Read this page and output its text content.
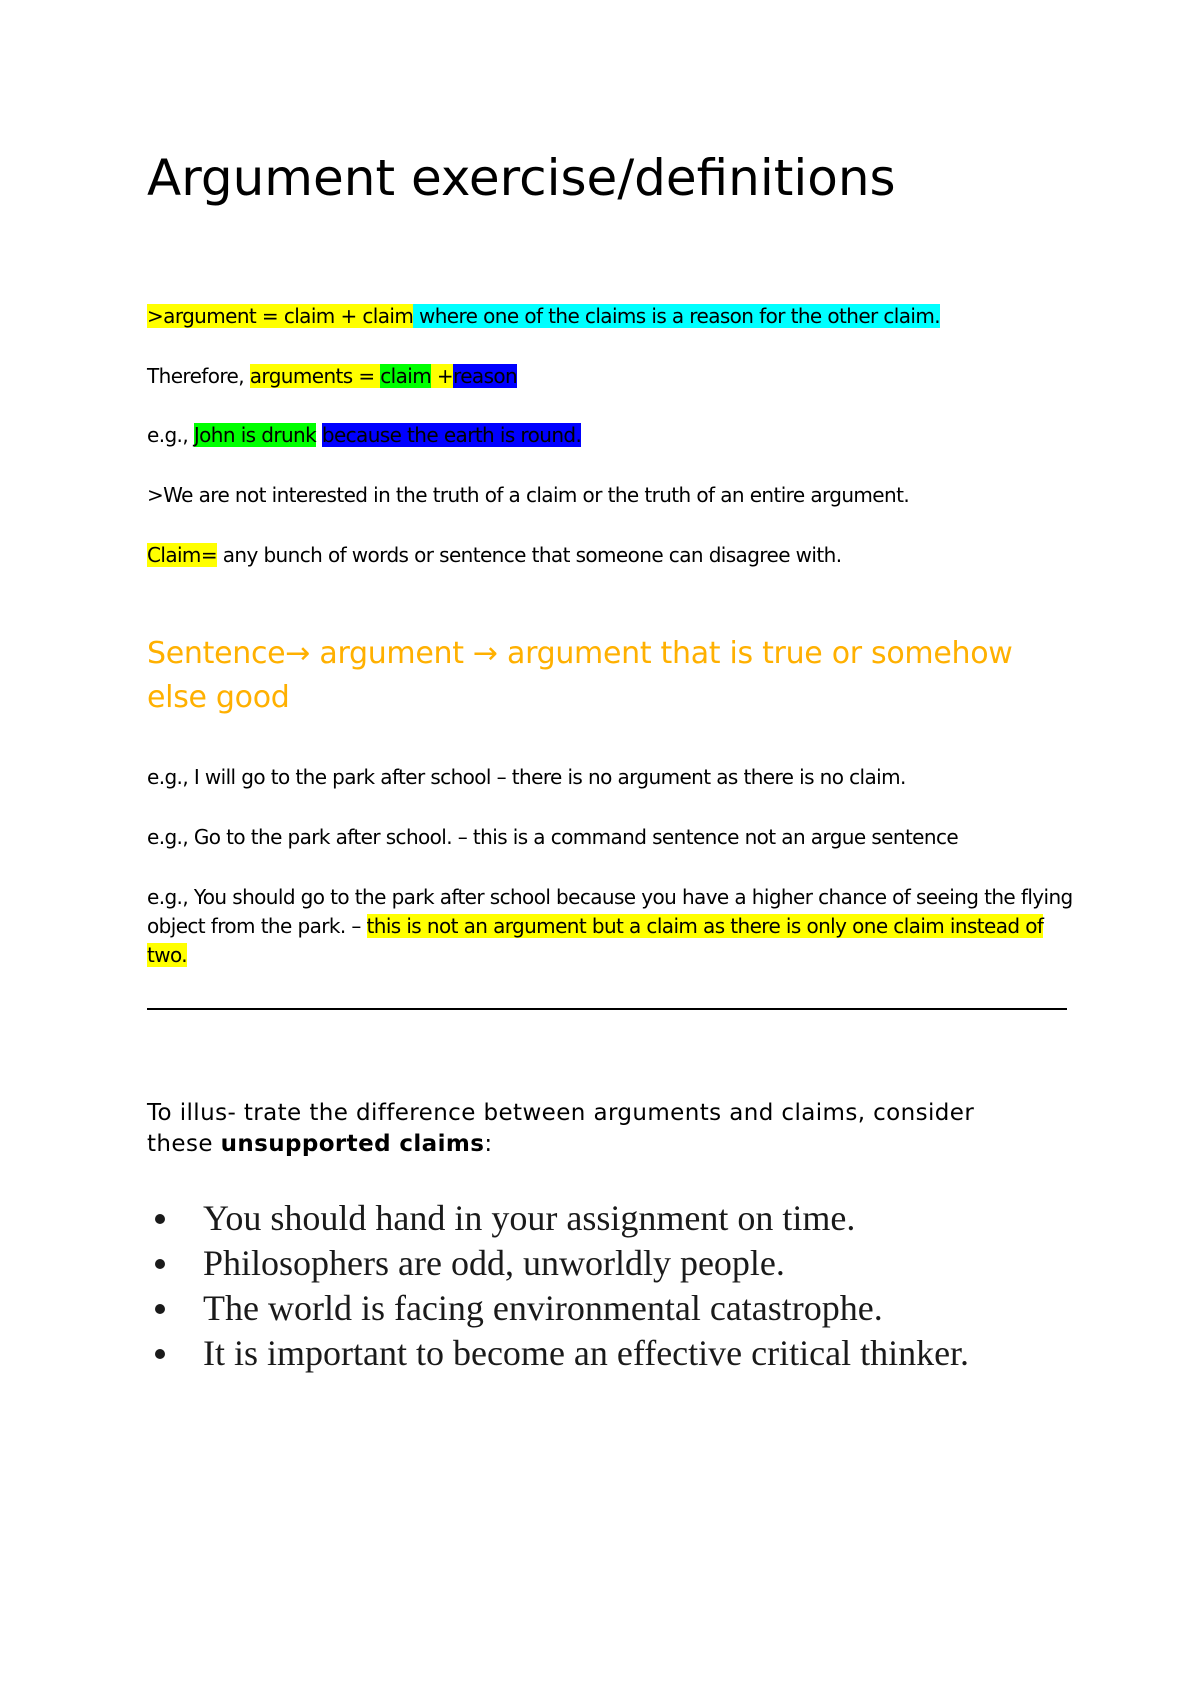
Argument exercise/definitions
>argument = claim + claim where one of the claims is a reason for the other claim.
Therefore, arguments = claim +reason
e.g., John is drunk because the earth is round.
>We are not interested in the truth of a claim or the truth of an entire argument.
Claim= any bunch of words or sentence that someone can disagree with.
Sentence→ argument → argument that is true or somehow else good
e.g., I will go to the park after school – there is no argument as there is no claim.
e.g., Go to the park after school. – this is a command sentence not an argue sentence
e.g., You should go to the park after school because you have a higher chance of seeing the flying object from the park. – this is not an argument but a claim as there is only one claim instead of two.
To illus- trate the difference between arguments and claims, consider these unsupported claims:
You should hand in your assignment on time.
Philosophers are odd, unworldly people.
The world is facing environmental catastrophe.
It is important to become an effective critical thinker.
